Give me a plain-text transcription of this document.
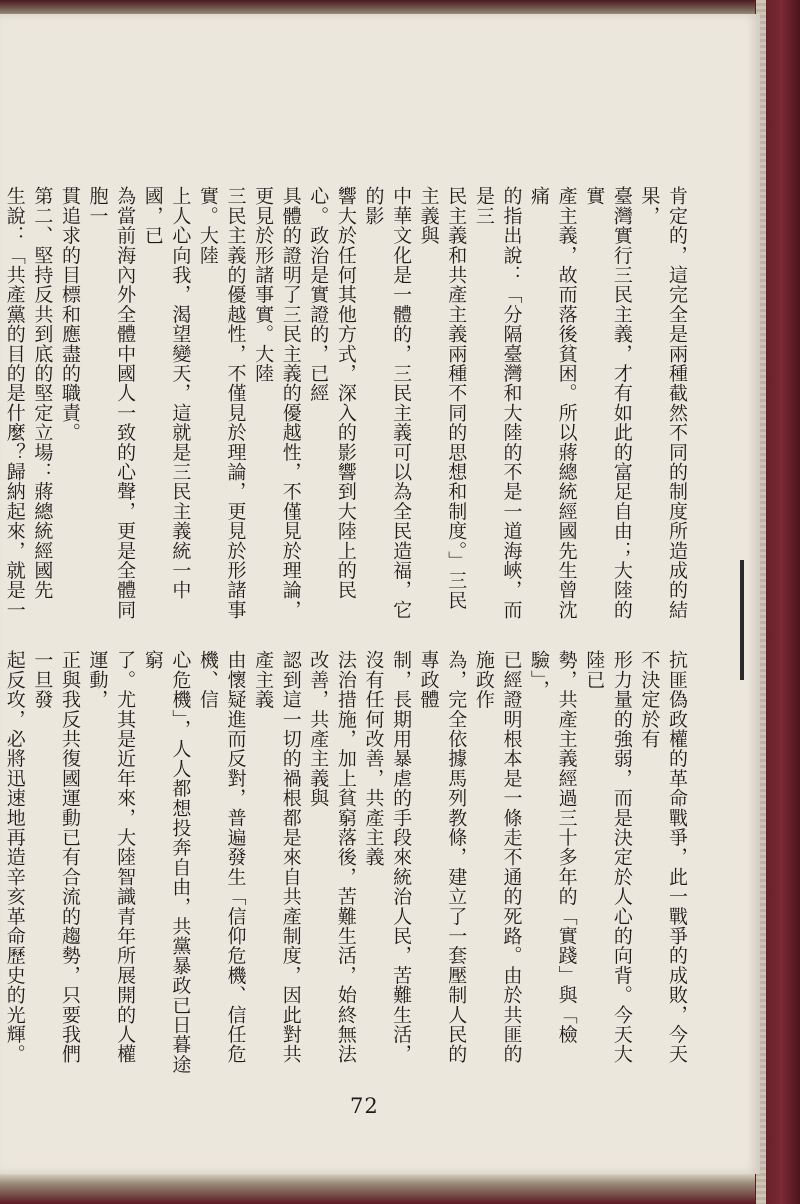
肯定的，這完全是兩種截然不同的制度所造成的結果，

臺灣實行三民主義，才有如此的富足自由；大陸的實

產主義，故而落後貧困。所以蔣總統經國先生曾沈痛

的指出說：「分隔臺灣和大陸的不是一道海峽，而是三

民主義和共產主義兩種不同的思想和制度。」三民主義與

中華文化是一體的，三民主義可以為全民造福，它的影

響大於任何其他方式，深入的影響到大陸上的民心。政治是實證的，已經

具體的證明了三民主義的優越性，不僅見於理論，更見於形諸事實。大陸

三民主義的優越性，不僅見於理論，更見於形諸事實。大陸

上人心向我，渴望變天，這就是三民主義統一中國，已

為當前海內外全體中國人一致的心聲，更是全體同胞一

貫追求的目標和應盡的職責。

第二、堅持反共到底的堅定立場：蔣總統經國先

生說：「共產黨的目的是什麼？歸納起來，就是一

抗匪偽政權的革命戰爭，此一戰爭的成敗，今天不決定於有

形力量的強弱，而是決定於人心的向背。今天大陸已

勢，共產主義經過三十多年的「實踐」與「檢驗」，

已經證明根本是一條走不通的死路。由於共匪的施政作

為，完全依據馬列教條，建立了一套壓制人民的專政體

制，長期用暴虐的手段來統治人民，苦難生活，沒有任何改善，共產主義

法治措施，加上貧窮落後，苦難生活，始終無法改善，共產主義與

認到這一切的禍根都是來自共產制度，因此對共產主義

由懷疑進而反對，普遍發生「信仰危機、信任危機、信

心危機」，人人都想投奔自由，共黨暴政已日暮途窮

了。尤其是近年來，大陸智識青年所展開的人權運動，

正與我反共復國運動已有合流的趨勢，只要我們一旦發

起反攻，必將迅速地再造辛亥革命歷史的光輝。

72
